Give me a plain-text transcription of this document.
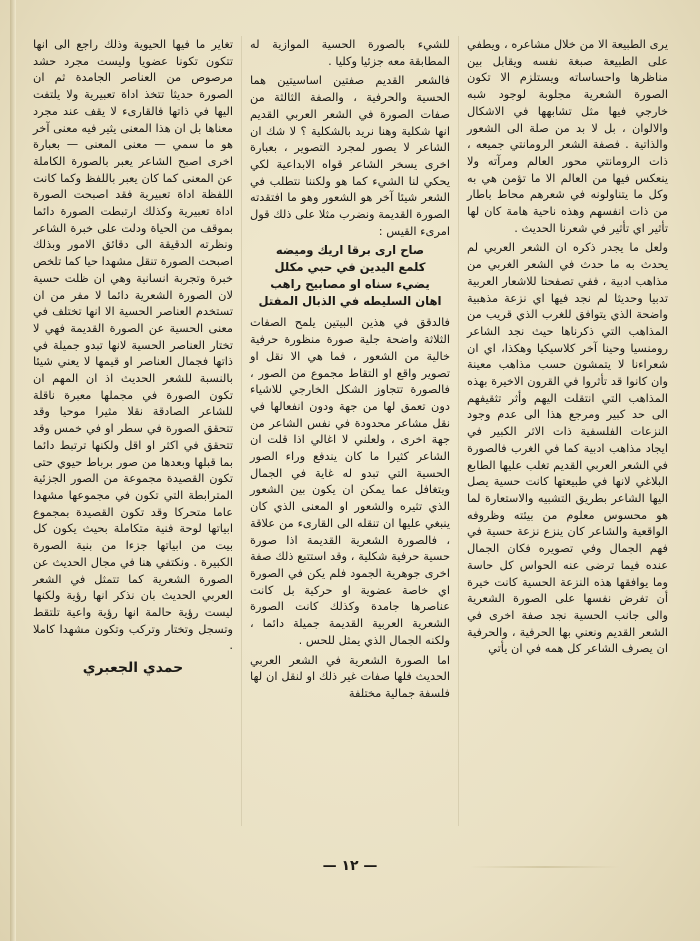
يرى الطبيعة الا من خلال مشاعره ، ويطفي على الطبيعة صبغة نفسه ويقابل بين مناظرها واحساساته ويستلزم الا تكون الصورة الشعرية مجلوبة لوجود شبه خارجي فيها مثل تشابهها في الاشكال والالوان ، بل لا بد من صلة الى الشعور والذاتية . فصفة الشعر الرومانتي جميعه ، ذات الرومانتي محور العالم ومرآته ولا ينعكس فيها من العالم الا ما تؤمن هي به وكل ما يتناولونه في شعرهم محاط باطار من ذات انفسهم وهذه ناحية هامة كان لها تأثير اي تأثير في شعرنا الحديث .

ولعل ما يجدر ذكره ان الشعر العربي لم يحدث به ما حدث في الشعر الغربي من مذاهب ادبية ، ففي تصفحنا للاشعار العربية تدبيا وحديثا لم نجد فيها اي نزعة مذهبية واضحة الذي يتوافق للغرب الذي قريب من المذاهب التي ذكرناها حيث نجد الشاعر رومنسيا وحينا آخر كلاسيكيا وهكذا، اي ان شعراءنا لا يتمشون حسب مذاهب معينة وان كانوا قد تأثروا في القرون الاخيرة بهذه المذاهب التي انتقلت اليهم وأثر تثقيفهم الى حد كبير ومرجع هذا الى عدم وجود النزعات الفلسفية ذات الاثر الكبير في ايجاد مذاهب ادبية كما في الغرب فالصورة في الشعر العربي القديم تغلب عليها الطابع البلاغي لانها في طبيعتها كانت حسية يصل اليها الشاعر بطريق التشبيه والاستعارة لما هو محسوس معلوم من بيئته وظروفه الواقعية والشاعر كان ينزع نزعة حسية في فهم الجمال وفي تصويره فكان الجمال عنده فيما ترضى عنه الحواس كل حاسة وما يوافقها هذه النزعة الحسية كانت خيرة أن تفرض نفسها على الصورة الشعرية والى جانب الحسية نجد صفة اخرى في الشعر القديم ونعني بها الحرفية ، والحرفية ان يصرف الشاعر كل همه في ان يأتي

للشيء بالصورة الحسية الموازية له المطابقة معه جزئيا وكليا .

فالشعر القديم صفتين اساسيتين هما الحسية والحرفية ، والصفة الثالثة من صفات الصورة في الشعر العربي القديم انها شكلية وهنا نريد بالشكلية ؟ لا شك ان الشاعر لا يصور لمجرد التصوير ، بعبارة اخرى يسخر الشاعر قواه الابداعية لكي يحكي لنا الشيء كما هو ولكننا نتطلب في الشعر شيئا آخر هو الشعور وهو ما افتقدته الصورة القديمة ونضرب مثلا على ذلك قول امرىء القيس :

صاح ارى برقا اريك وميضه
كلمع اليدين في حبي مكلل
يضيء سناه او مصابيح راهب
اهان السليطه في الذبال المفتل

فالدقق في هذين البيتين يلمح الصفات الثلاثة واضحة جلية صورة منظورة حرفية خالية من الشعور ، فما هي الا نقل او تصوير واقع او التقاط مجموع من الصور ، فالصورة تتجاوز الشكل الخارجي للاشياء دون تعمق لها من جهة ودون انفعالها في نقل مشاعر محدودة في نفس الشاعر من جهة اخرى ، ولعلني لا اغالي اذا قلت ان الشاعر كثيرا ما كان يندفع وراء الصور الحسية التي تبدو له غاية في الجمال ويتغافل عما يمكن ان يكون بين الشعور الذي تثيره والشعور او المعنى الذي كان ينبغي عليها ان تنقله الى القارىء من علاقة ، فالصورة الشعرية القديمة اذا صورة حسية حرفية شكلية ، وقد استتبع ذلك صفة اخرى جوهرية الجمود فلم يكن في الصورة اي خاصة عضوية او حركية بل كانت عناصرها جامدة وكذلك كانت الصورة الشعرية العربية القديمة جميلة دائما ، ولكنه الجمال الذي يمثل للحس .

اما الصورة الشعرية في الشعر العربي الحديث فلها صفات غير ذلك او لنقل ان لها فلسفة جمالية مختلفة

تغاير ما فيها الحيوية وذلك راجع الى انها تتكون تكونا عضويا وليست مجرد حشد مرصوص من العناصر الجامدة ثم ان الصورة حديثا تتخذ اداة تعبيرية ولا يلتفت اليها في ذاتها فالقارىء لا يقف عند مجرد معناها بل ان هذا المعنى يثير فيه معنى آخر هو ما سمي — معنى المعنى — بعبارة اخرى اصبح الشاعر يعبر بالصورة الكاملة عن المعنى كما كان يعبر باللفظ وكما كانت اللفظة اداة تعبيرية فقد اصبحت الصورة اداة تعبيرية وكذلك ارتبطت الصورة دائما بموقف من الحياة ودلت على خبرة الشاعر ونظرته الدقيقة الى دقائق الامور وبذلك اصبحت الصورة تنقل مشهدا حيا كما تلخص خبرة وتجربة انسانية وهي ان ظلت حسية لان الصورة الشعرية دائما لا مفر من ان تستخدم العناصر الحسية الا انها تختلف في معنى الحسية عن الصورة القديمة فهي لا تختار العناصر الحسية لانها تبدو جميلة في ذاتها فجمال العناصر او قيمها لا يعني شيئا بالنسبة للشعر الحديث اذ ان المهم ان تكون الصورة في مجملها معبرة ناقلة للشاعر الصادقة نقلا مثيرا موحيا وقد تتحقق الصورة في سطر او في خمس وقد تتحقق في اكثر او اقل ولكنها ترتبط دائما بما قبلها وبعدها من صور برباط حيوي حتى تكون القصيدة مجموعة من الصور الجزئية المترابطة التي تكون في مجموعها مشهدا عاما متحركا وقد تكون القصيدة بمجموع ابياتها لوحة فنية متكاملة بحيث يكون كل بيت من ابياتها جزءا من بنية الصورة الكبيرة . ونكتفي هنا في مجال الحديث عن الصورة الشعرية كما تتمثل في الشعر العربي الحديث بان نذكر انها رؤية ولكنها ليست رؤية حالمة انها رؤية واعية تلتقط وتسجل وتختار وتركب وتكون مشهدا كاملا .

حمدي الجعبري
— ١٢ —
